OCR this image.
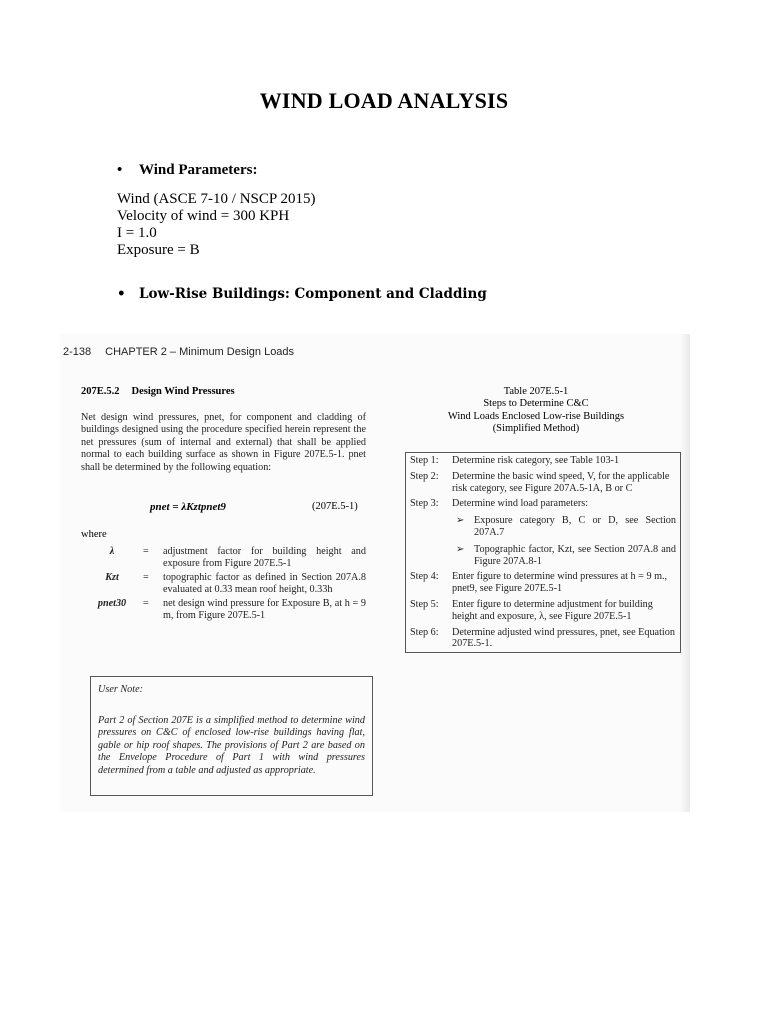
WIND LOAD ANALYSIS
• Wind Parameters:
Wind (ASCE 7-10 / NSCP 2015)
Velocity of wind = 300 KPH
I = 1.0
Exposure = B
• Low-Rise Buildings: Component and Cladding
2-138 CHAPTER 2 – Minimum Design Loads
207E.5.2 Design Wind Pressures
Net design wind pressures, pnet, for component and cladding of buildings designed using the procedure specified herein represent the net pressures (sum of internal and external) that shall be applied normal to each building surface as shown in Figure 207E.5-1. pnet shall be determined by the following equation:
pnet = λKztpnet9	(207E.5-1)
where
λ	=	adjustment factor for building height and exposure from Figure 207E.5-1
Kzt	=	topographic factor as defined in Section 207A.8 evaluated at 0.33 mean roof height, 0.33h
pnet30	=	net design wind pressure for Exposure B, at h = 9 m, from Figure 207E.5-1
User Note:
Part 2 of Section 207E is a simplified method to determine wind pressures on C&C of enclosed low-rise buildings having flat, gable or hip roof shapes. The provisions of Part 2 are based on the Envelope Procedure of Part 1 with wind pressures determined from a table and adjusted as appropriate.
Table 207E.5-1
Steps to Determine C&C
Wind Loads Enclosed Low-rise Buildings
(Simplified Method)
Step 1:	Determine risk category, see Table 103-1
Step 2:	Determine the basic wind speed, V, for the applicable risk category, see Figure 207A.5-1A, B or C
Step 3:	Determine wind load parameters:
➢ Exposure category B, C or D, see Section 207A.7
➢ Topographic factor, Kzt, see Section 207A.8 and Figure 207A.8-1

Step 4:	Enter figure to determine wind pressures at h = 9 m., pnet9, see Figure 207E.5-1
Step 5:	Enter figure to determine adjustment for building height and exposure, λ, see Figure 207E.5-1
Step 6:	Determine adjusted wind pressures, pnet, see Equation 207E.5-1.
